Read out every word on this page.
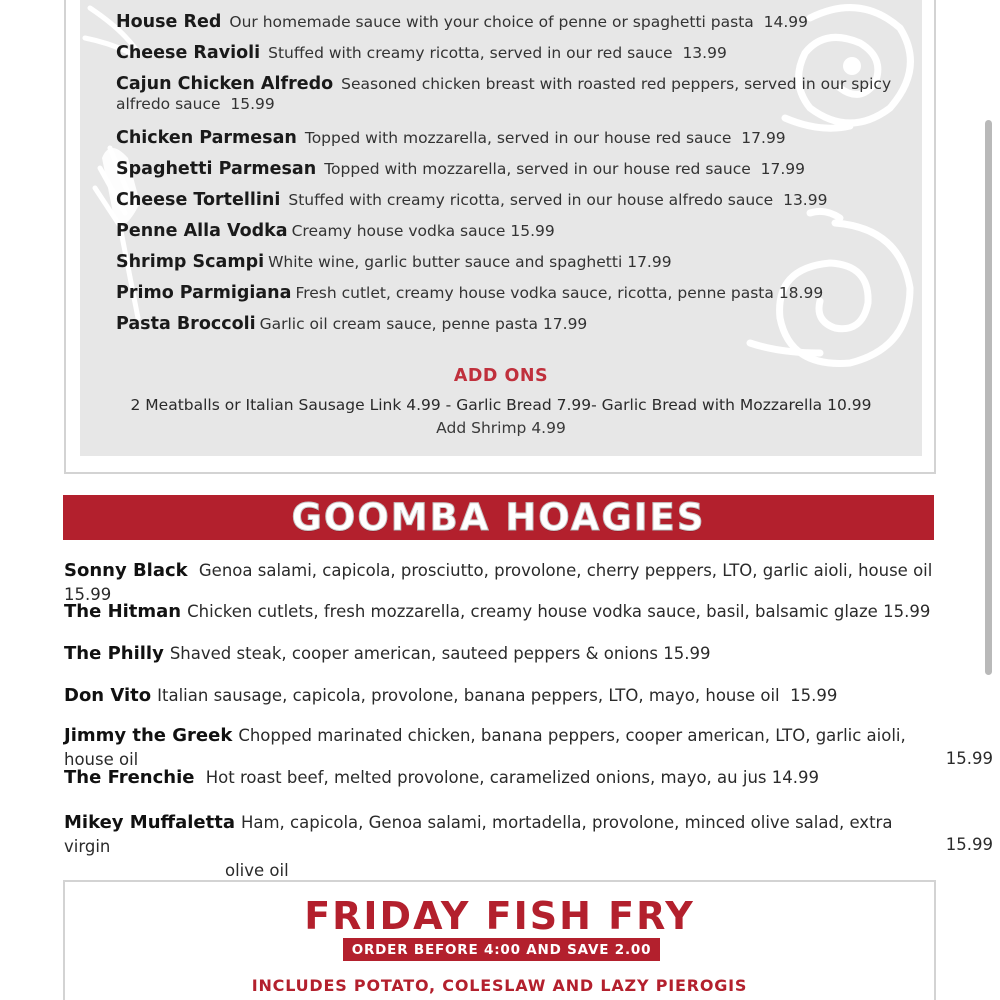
House Red Our homemade sauce with your choice of penne or spaghetti pasta 14.99
Cheese Ravioli Stuffed with creamy ricotta, served in our red sauce 13.99
Cajun Chicken Alfredo Seasoned chicken breast with roasted red peppers, served in our spicy alfredo sauce 15.99
Chicken Parmesan Topped with mozzarella, served in our house red sauce 17.99
Spaghetti Parmesan Topped with mozzarella, served in our house red sauce 17.99
Cheese Tortellini Stuffed with creamy ricotta, served in our house alfredo sauce 13.99
Penne Alla Vodka Creamy house vodka sauce 15.99
Shrimp Scampi White wine, garlic butter sauce and spaghetti 17.99
Primo Parmigiana Fresh cutlet, creamy house vodka sauce, ricotta, penne pasta 18.99
Pasta Broccoli Garlic oil cream sauce, penne pasta 17.99
ADD ONS
2 Meatballs or Italian Sausage Link 4.99 - Garlic Bread 7.99- Garlic Bread with Mozzarella 10.99
Add Shrimp 4.99
GOOMBA HOAGIES
Sonny Black Genoa salami, capicola, prosciutto, provolone, cherry peppers, LTO, garlic aioli, house oil 15.99
The Hitman Chicken cutlets, fresh mozzarella, creamy house vodka sauce, basil, balsamic glaze 15.99
The Philly Shaved steak, cooper american, sauteed peppers & onions 15.99
Don Vito Italian sausage, capicola, provolone, banana peppers, LTO, mayo, house oil 15.99
Jimmy the Greek Chopped marinated chicken, banana peppers, cooper american, LTO, garlic aioli, house oil	15.99
The Frenchie Hot roast beef, melted provolone, caramelized onions, mayo, au jus 14.99
Mikey Muffaletta Ham, capicola, Genoa salami, mortadella, provolone, minced olive salad, extra virgin
olive oil
15.99
FRIDAY FISH FRY
ORDER BEFORE 4:00 AND SAVE 2.00
INCLUDES POTATO, COLESLAW AND LAZY PIEROGIS
